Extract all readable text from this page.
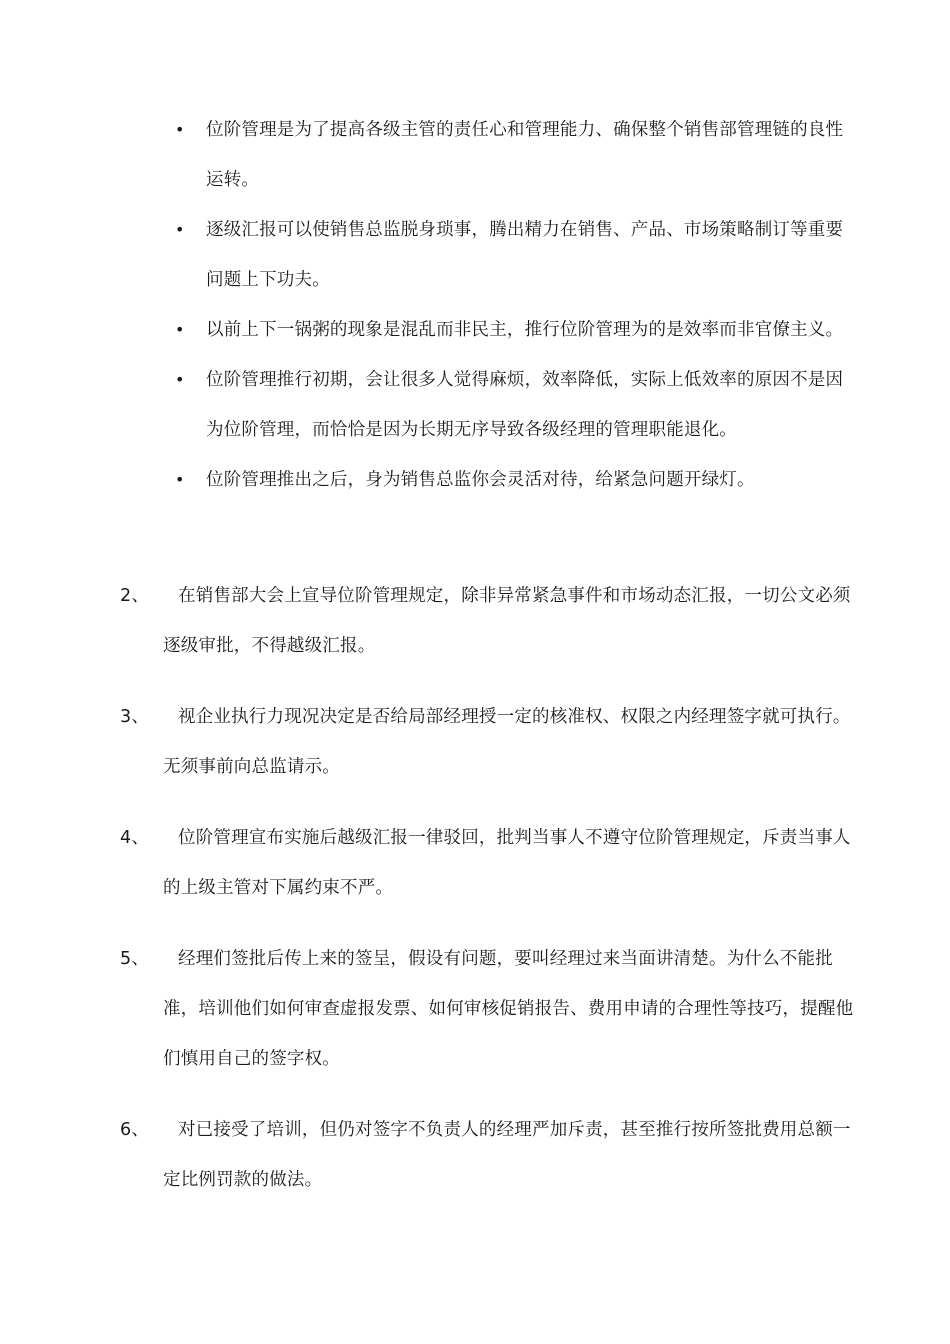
• 位阶管理是为了提高各级主管的责任心和管理能力、确保整个销售部管理链的良性运转。
• 逐级汇报可以使销售总监脱身琐事，腾出精力在销售、产品、市场策略制订等重要问题上下功夫。
• 以前上下一锅粥的现象是混乱而非民主，推行位阶管理为的是效率而非官僚主义。
• 位阶管理推行初期，会让很多人觉得麻烦，效率降低，实际上低效率的原因不是因为位阶管理，而恰恰是因为长期无序导致各级经理的管理职能退化。
• 位阶管理推出之后，身为销售总监你会灵活对待，给紧急问题开绿灯。
2、 在销售部大会上宣导位阶管理规定，除非异常紧急事件和市场动态汇报，一切公文必须逐级审批，不得越级汇报。
3、 视企业执行力现况决定是否给局部经理授一定的核准权、权限之内经理签字就可执行。无须事前向总监请示。
4、 位阶管理宣布实施后越级汇报一律驳回，批判当事人不遵守位阶管理规定，斥责当事人的上级主管对下属约束不严。
5、 经理们签批后传上来的签呈，假设有问题，要叫经理过来当面讲清楚。为什么不能批准，培训他们如何审查虚报发票、如何审核促销报告、费用申请的合理性等技巧，提醒他们慎用自己的签字权。
6、 对已接受了培训，但仍对签字不负责人的经理严加斥责，甚至推行按所签批费用总额一定比例罚款的做法。
